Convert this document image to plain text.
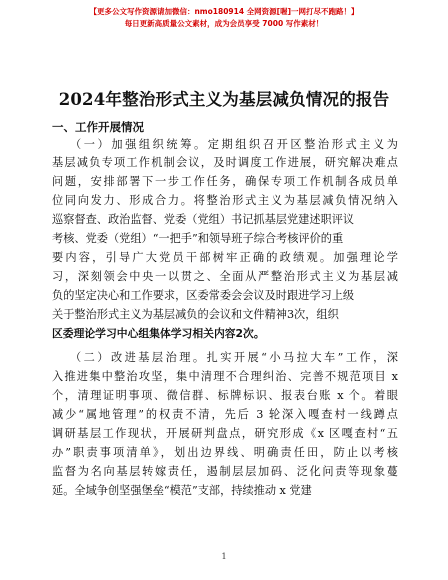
【更多公文写作资源请加微信：nmo180914 全网资源[喔]一网打尽不跑路！】
每日更新高质量公文素材，成为会员享受 7000 写作素材！
2024年整治形式主义为基层减负情况的报告
一、工作开展情况
（一）加强组织统筹。定期组织召开区整治形式主义为
基层减负专项工作机制会议，及时调度工作进展，研究解决难点
问题，安排部署下一步工作任务，确保专项工作机制各成员单
位同向发力、形成合力。将整治形式主义为基层减负情况纳入
巡察督查、政治监督、党委（党组）书记抓基层党建述职评议
考核、党委（党组）“一把手”和领导班子综合考核评价的重
要内容，引导广大党员干部树牢正确的政绩观。加强理论学
习，深刻领会中央一以贯之、全面从严整治形式主义为基层减
负的坚定决心和工作要求，区委常委会会议及时跟进学习上级
关于整治形式主义为基层减负的会议和文件精神3次，组织
区委理论学习中心组集体学习相关内容2次。
（二）改进基层治理。扎实开展“小马拉大车”工作，深
入推进集中整治攻坚，集中清理不合理纠治、完善不规范项目 x
个，清理证明事项、微信群、标牌标识、报表台账 x 个。着眼
减少“属地管理”的权责不清，先后 3 轮深入嘎查村一线蹲点
调研基层工作现状，开展研判盘点，研究形成《x 区嘎查村“五
办”职责事项清单》，划出边界线、明确责任田，防止以考核
监督为名向基层转嫁责任，遏制层层加码、泛化问责等现象蔓
延。全域争创坚强堡垒“模范”支部，持续推动 x 党建
1
